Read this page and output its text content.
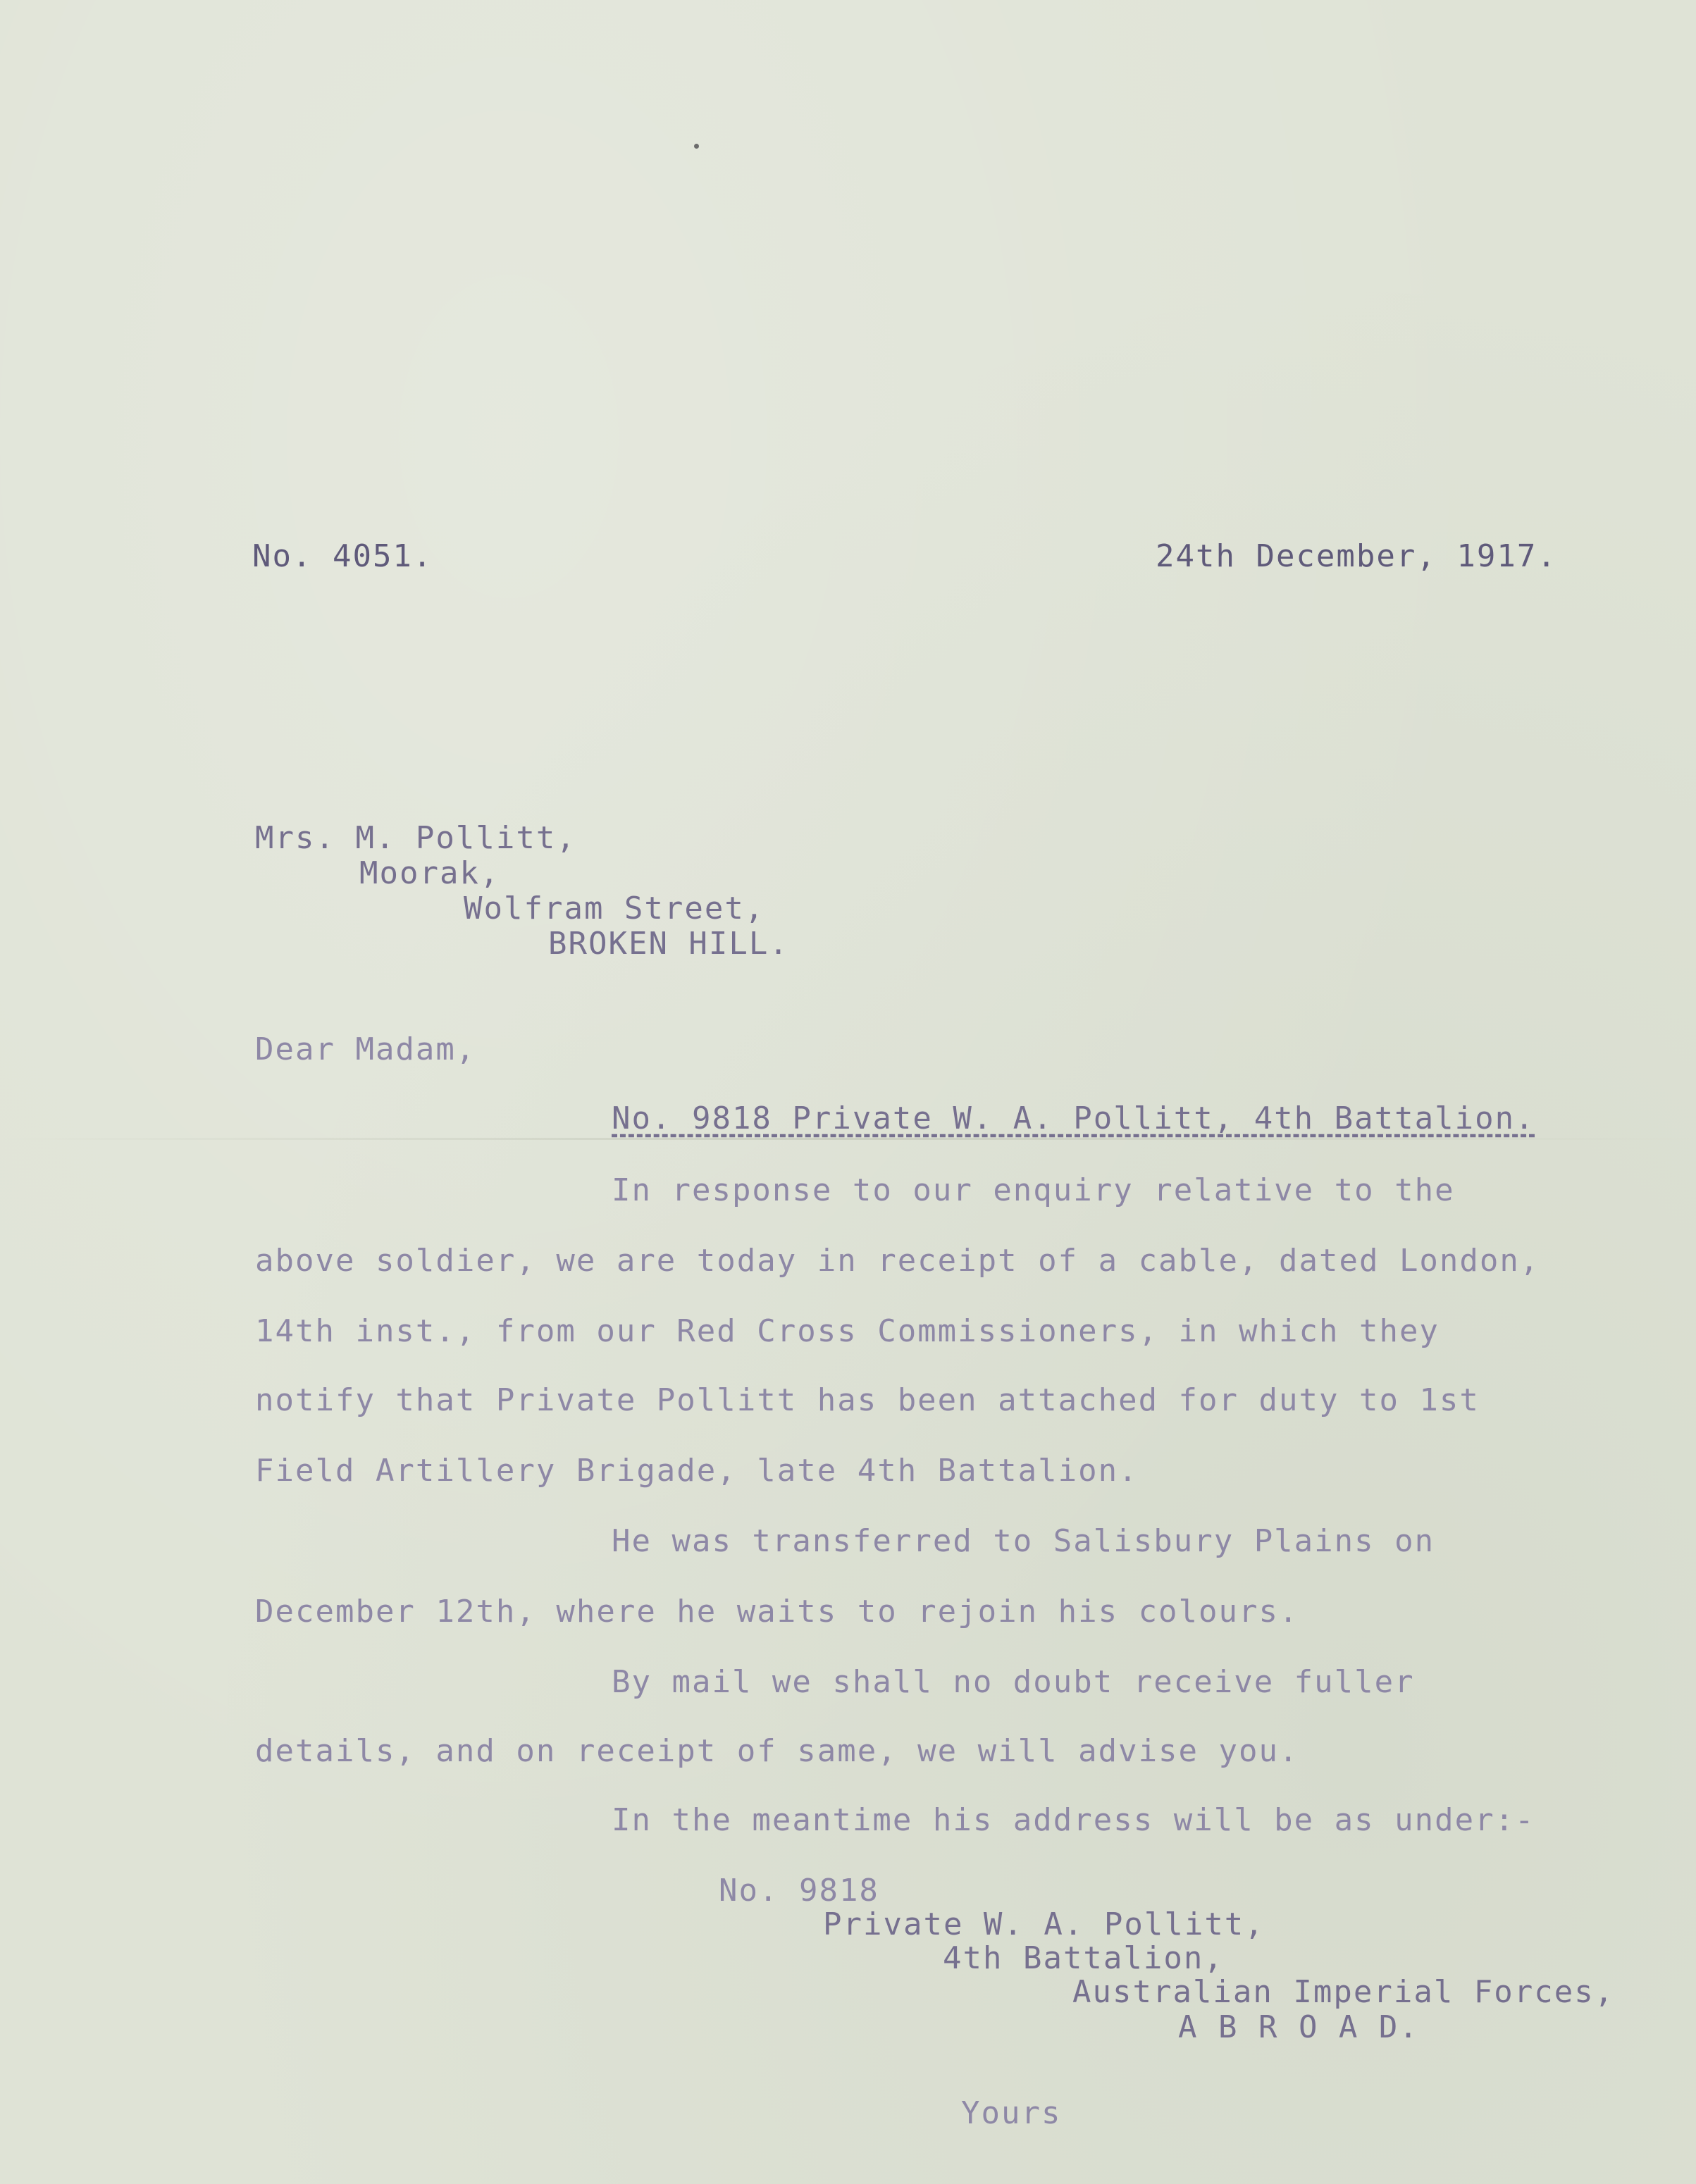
No. 4051.	24th December, 1917.
Mrs. M. Pollitt,
Moorak,
Wolfram Street,
BROKEN HILL.
Dear Madam,
No. 9818 Private W. A. Pollitt, 4th Battalion.
In response to our enquiry relative to the
above soldier, we are today in receipt of a cable, dated London,
14th inst., from our Red Cross Commissioners, in which they
notify that Private Pollitt has been attached for duty to 1st
Field Artillery Brigade, late 4th Battalion.
He was transferred to Salisbury Plains on
December 12th, where he waits to rejoin his colours.
By mail we shall no doubt receive fuller
details, and on receipt of same, we will advise you.
In the meantime his address will be as under:-
No. 9818
Private W. A. Pollitt,
4th Battalion,
Australian Imperial Forces,
A B R O A D.
Yours
